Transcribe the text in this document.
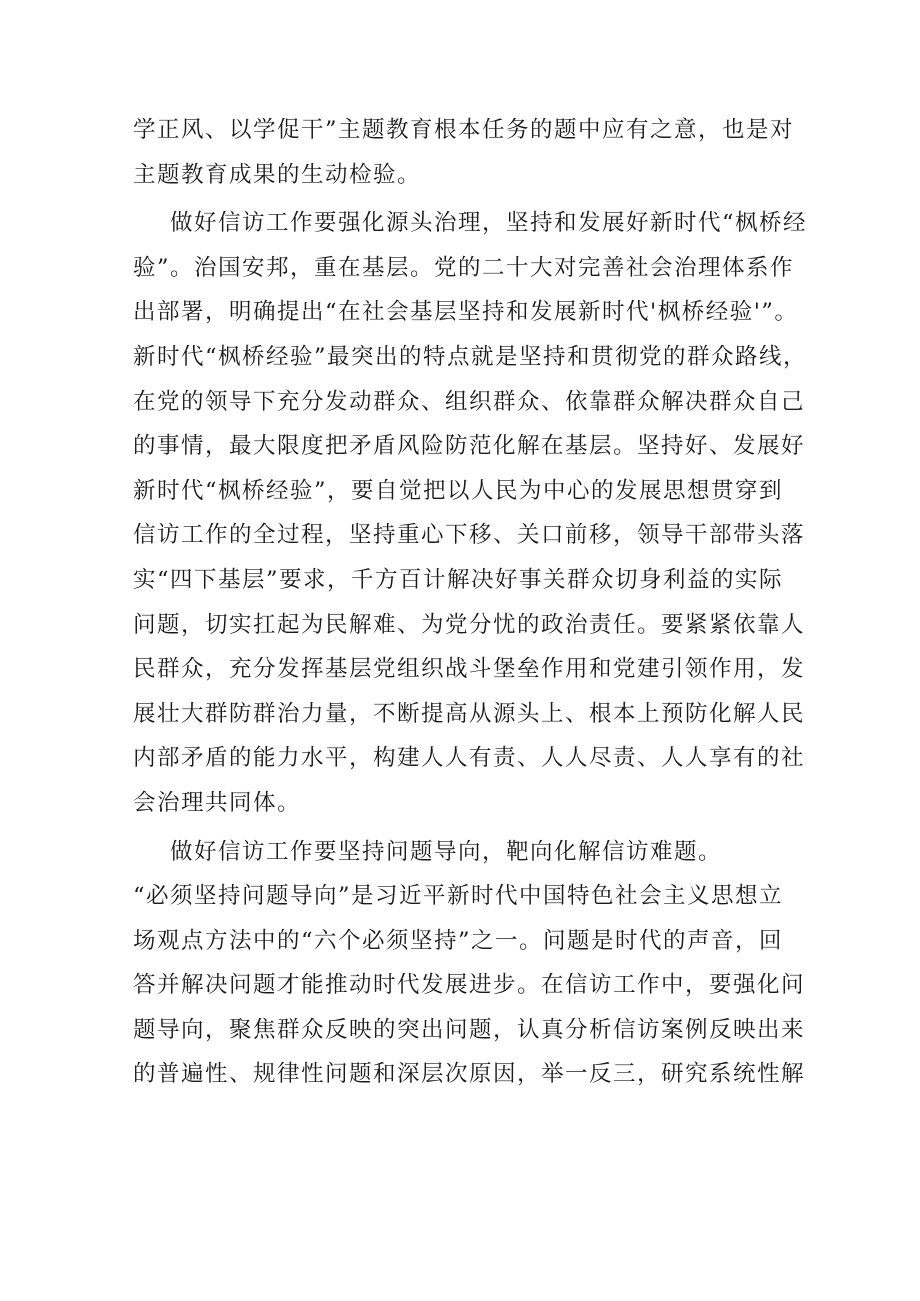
学正风、以学促干”主题教育根本任务的题中应有之意，也是对
主题教育成果的生动检验。
做好信访工作要强化源头治理，坚持和发展好新时代“枫桥经
验”。治国安邦，重在基层。党的二十大对完善社会治理体系作
出部署，明确提出“在社会基层坚持和发展新时代'枫桥经验'”。
新时代“枫桥经验”最突出的特点就是坚持和贯彻党的群众路线，
在党的领导下充分发动群众、组织群众、依靠群众解决群众自己
的事情，最大限度把矛盾风险防范化解在基层。坚持好、发展好
新时代“枫桥经验”，要自觉把以人民为中心的发展思想贯穿到
信访工作的全过程，坚持重心下移、关口前移，领导干部带头落
实“四下基层”要求，千方百计解决好事关群众切身利益的实际
问题，切实扛起为民解难、为党分忧的政治责任。要紧紧依靠人
民群众，充分发挥基层党组织战斗堡垒作用和党建引领作用，发
展壮大群防群治力量，不断提高从源头上、根本上预防化解人民
内部矛盾的能力水平，构建人人有责、人人尽责、人人享有的社
会治理共同体。
做好信访工作要坚持问题导向，靶向化解信访难题。
“必须坚持问题导向”是习近平新时代中国特色社会主义思想立
场观点方法中的“六个必须坚持”之一。问题是时代的声音，回
答并解决问题才能推动时代发展进步。在信访工作中，要强化问
题导向，聚焦群众反映的突出问题，认真分析信访案例反映出来
的普遍性、规律性问题和深层次原因，举一反三，研究系统性解
